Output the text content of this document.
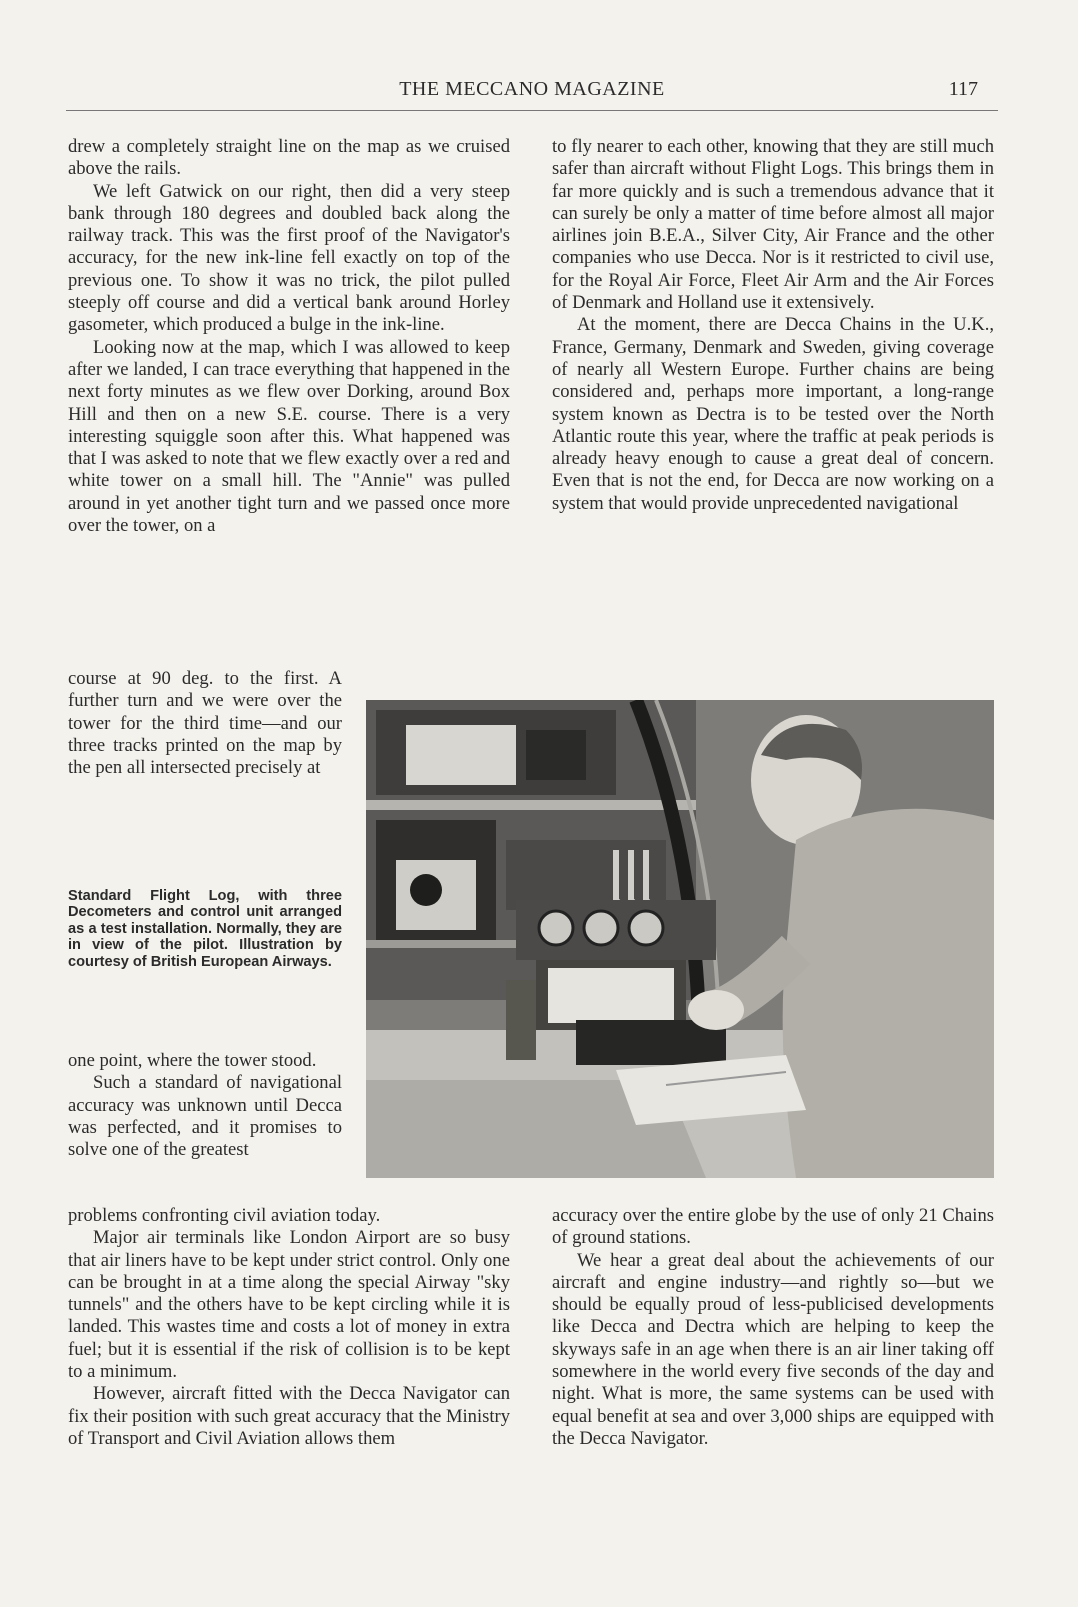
THE MECCANO MAGAZINE	117

drew a completely straight line on the map as we cruised above the rails.

We left Gatwick on our right, then did a very steep bank through 180 degrees and doubled back along the railway track. This was the first proof of the Navigator's accuracy, for the new ink-line fell exactly on top of the previous one. To show it was no trick, the pilot pulled steeply off course and did a vertical bank around Horley gasometer, which produced a bulge in the ink-line.

Looking now at the map, which I was allowed to keep after we landed, I can trace everything that happened in the next forty minutes as we flew over Dorking, around Box Hill and then on a new S.E. course. There is a very interesting squiggle soon after this. What happened was that I was asked to note that we flew exactly over a red and white tower on a small hill. The "Annie" was pulled around in yet another tight turn and we passed once more over the tower, on a

course at 90 deg. to the first. A further turn and we were over the tower for the third time—and our three tracks printed on the map by the pen all intersected precisely at

Standard Flight Log, with three Decometers and control unit arranged as a test installation. Normally, they are in view of the pilot. Illustration by courtesy of British European Airways.

one point, where the tower stood.

Such a standard of navigational accuracy was unknown until Decca was perfected, and it promises to solve one of the greatest

problems confronting civil aviation today.

Major air terminals like London Airport are so busy that air liners have to be kept under strict control. Only one can be brought in at a time along the special Airway "sky tunnels" and the others have to be kept circling while it is landed. This wastes time and costs a lot of money in extra fuel; but it is essential if the risk of collision is to be kept to a minimum.

However, aircraft fitted with the Decca Navigator can fix their position with such great accuracy that the Ministry of Transport and Civil Aviation allows them

to fly nearer to each other, knowing that they are still much safer than aircraft without Flight Logs. This brings them in far more quickly and is such a tremendous advance that it can surely be only a matter of time before almost all major airlines join B.E.A., Silver City, Air France and the other companies who use Decca. Nor is it restricted to civil use, for the Royal Air Force, Fleet Air Arm and the Air Forces of Denmark and Holland use it extensively.

At the moment, there are Decca Chains in the U.K., France, Germany, Denmark and Sweden, giving coverage of nearly all Western Europe. Further chains are being considered and, perhaps more important, a long-range system known as Dectra is to be tested over the North Atlantic route this year, where the traffic at peak periods is already heavy enough to cause a great deal of concern. Even that is not the end, for Decca are now working on a system that would provide unprecedented navigational

accuracy over the entire globe by the use of only 21 Chains of ground stations.

We hear a great deal about the achievements of our aircraft and engine industry—and rightly so—but we should be equally proud of less-publicised developments like Decca and Dectra which are helping to keep the skyways safe in an age when there is an air liner taking off somewhere in the world every five seconds of the day and night. What is more, the same systems can be used with equal benefit at sea and over 3,000 ships are equipped with the Decca Navigator.
